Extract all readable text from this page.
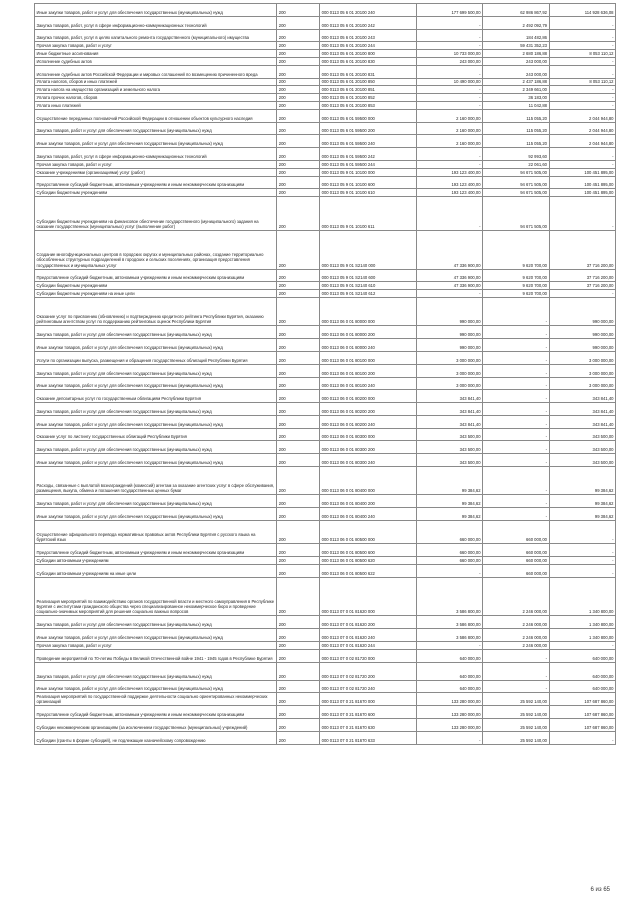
Иные закупки товаров, работ и услуг для обеспечения государственных (муниципальных) нужд	200	000 0113 05 6 01 20100 240	177 699 500,00	62 986 867,92	114 928 636,08
Закупка товаров, работ, услуг в сфере информационно-коммуникационных технологий	200	000 0113 05 6 01 20100 242	-	2 492 092,79	-
Закупка товаров, работ, услуг в целях капитального ремонта государственного (муниципального) имущества	200	000 0113 05 6 01 20100 243	-	184 482,86	-
Прочая закупка товаров, работ и услуг	200	000 0113 05 6 01 20100 244	-	59 431 352,23	-
Иные бюджетные ассигнования	200	000 0113 05 6 01 20100 800	10 733 000,00	2 680 186,88	8 053 110,12
Исполнение судебных актов	200	000 0113 05 6 01 20100 830	243 000,00	243 000,00	-
Исполнение судебных актов Российской Федерации и мировых соглашений по возмещению причиненного вреда	200	000 0113 05 6 01 20100 831	-	243 000,00	-
Уплата налогов, сборов и иных платежей	200	000 0113 05 6 01 20100 850	10 490 000,00	2 437 186,88	8 053 110,12
Уплата налога на имущество организаций и земельного налога	200	000 0113 05 6 01 20100 851	-	2 349 661,00	-
Уплата прочих налогов, сборов	200	000 0113 05 6 01 20100 852	-	36 183,00	-
Уплата иных платежей	200	000 0113 05 6 01 20100 853	-	11 042,88	-
Осуществление переданных полномочий Российской Федерации в отношении объектов культурного наследия	200	000 0113 05 6 01 59500 000	2 160 000,00	115 055,20	2 044 944,80
Закупка товаров, работ и услуг для обеспечения государственных (муниципальных) нужд	200	000 0113 05 6 01 59500 200	2 160 000,00	115 055,20	2 044 944,80
Иные закупки товаров, работ и услуг для обеспечения государственных (муниципальных) нужд	200	000 0113 05 6 01 59500 240	2 160 000,00	115 055,20	2 044 944,80
Закупка товаров, работ, услуг в сфере информационно-коммуникационных технологий	200	000 0113 05 6 01 59500 242	-	92 993,60	-
Прочая закупка товаров, работ и услуг	200	000 0113 05 6 01 59500 244	-	22 061,60	-
Оказание учреждениями (организациями) услуг (работ)	200	000 0113 05 9 01 10100 000	193 123 400,00	94 671 505,00	100 451 895,00
Предоставление субсидий бюджетным, автономным учреждениям и иным некоммерческим организациям	200	000 0113 05 9 01 10100 600	193 123 400,00	94 671 505,00	100 451 895,00
Субсидии бюджетным учреждениям	200	000 0113 05 9 01 10100 610	193 123 400,00	94 671 505,00	100 451 895,00
Субсидии бюджетным учреждениям на финансовое обеспечение государственного (муниципального) задания на оказание государственных (муниципальных) услуг (выполнение работ)	200	000 0113 05 9 01 10100 611	-	94 671 505,00	-
Создание многофункциональных центров в городских округах и муниципальных районах, создание территориально обособленных структурных подразделений в городских и сельских поселениях, организация предоставления государственных и муниципальных услуг	200	000 0113 05 9 01 S2140 000	47 336 900,00	9 620 700,00	37 716 200,00
Предоставление субсидий бюджетным, автономным учреждениям и иным некоммерческим организациям	200	000 0113 05 9 01 S2140 600	47 336 900,00	9 620 700,00	37 716 200,00
Субсидии бюджетным учреждениям	200	000 0113 05 9 01 S2140 610	47 336 900,00	9 620 700,00	37 716 200,00
Субсидии бюджетным учреждениям на иные цели	200	000 0113 05 9 01 S2140 612	-	9 620 700,00	-
Оказание услуг по присвоению (обновлению) и подтверждению кредитного рейтинга Республики Бурятия, оказанию рейтинговым агентством услуг по поддержанию рейтинговых оценок Республики Бурятия	200	000 0113 06 0 01 80000 000	990 000,00	-	990 000,00
Закупка товаров, работ и услуг для обеспечения государственных (муниципальных) нужд	200	000 0113 06 0 01 80000 200	990 000,00	-	990 000,00
Иные закупки товаров, работ и услуг для обеспечения государственных (муниципальных) нужд	200	000 0113 06 0 01 80000 240	990 000,00	-	990 000,00
Услуги по организации выпуска, размещения и обращения государственных облигаций Республики Бурятия	200	000 0113 06 0 01 80100 000	3 000 000,00	-	3 000 000,00
Закупка товаров, работ и услуг для обеспечения государственных (муниципальных) нужд	200	000 0113 06 0 01 80100 200	3 000 000,00	-	3 000 000,00
Иные закупки товаров, работ и услуг для обеспечения государственных (муниципальных) нужд	200	000 0113 06 0 01 80100 240	3 000 000,00	-	3 000 000,00
Оказание депозитарных услуг по государственным облигациям Республики Бурятия	200	000 0113 06 0 01 80200 000	343 841,40	-	343 841,40
Закупка товаров, работ и услуг для обеспечения государственных (муниципальных) нужд	200	000 0113 06 0 01 80200 200	343 841,40	-	343 841,40
Иные закупки товаров, работ и услуг для обеспечения государственных (муниципальных) нужд	200	000 0113 06 0 01 80200 240	343 841,40	-	343 841,40
Оказание услуг по листингу государственных облигаций Республики Бурятия	200	000 0113 06 0 01 80300 000	343 500,00	-	343 500,00
Закупка товаров, работ и услуг для обеспечения государственных (муниципальных) нужд	200	000 0113 06 0 01 80300 200	343 500,00	-	343 500,00
Иные закупки товаров, работ и услуг для обеспечения государственных (муниципальных) нужд	200	000 0113 06 0 01 80300 240	343 500,00	-	343 500,00
Расходы, связанные с выплатой вознаграждений (комиссий) агентам за оказание агентских услуг в сфере обслуживания, размещения, выкупа, обмена и погашения государственных ценных бумаг	200	000 0113 06 0 01 80400 000	99 384,62	-	99 384,62
Закупка товаров, работ и услуг для обеспечения государственных (муниципальных) нужд	200	000 0113 06 0 01 80400 200	99 384,62	-	99 384,62
Иные закупки товаров, работ и услуг для обеспечения государственных (муниципальных) нужд	200	000 0113 06 0 01 80400 240	99 384,62	-	99 384,62
Осуществление официального перевода нормативных правовых актов Республики Бурятия с русского языка на бурятский язык	200	000 0113 06 0 01 80500 000	660 000,00	660 000,00	-
Предоставление субсидий бюджетным, автономным учреждениям и иным некоммерческим организациям	200	000 0113 06 0 01 80500 600	660 000,00	660 000,00	-
Субсидии автономным учреждениям	200	000 0113 06 0 01 80500 620	660 000,00	660 000,00	-
Субсидии автономным учреждениям на иные цели	200	000 0113 06 0 01 80500 622	-	660 000,00	-
Реализация мероприятий по взаимодействию органов государственной власти и местного самоуправления в Республике Бурятия с институтами гражданского общества через специализированное некоммерческое бюро и проведение социально-значимых мероприятий для решения социально важных вопросов	200	000 0113 07 0 01 81620 000	3 586 800,00	2 246 000,00	1 340 800,00
Закупка товаров, работ и услуг для обеспечения государственных (муниципальных) нужд	200	000 0113 07 0 01 81620 200	3 586 800,00	2 246 000,00	1 340 800,00
Иные закупки товаров, работ и услуг для обеспечения государственных (муниципальных) нужд	200	000 0113 07 0 01 81620 240	3 586 800,00	2 246 000,00	1 340 800,00
Прочая закупка товаров, работ и услуг	200	000 0113 07 0 01 81620 244	-	2 246 000,00	-
Проведение мероприятий по 70-летию Победы в Великой Отечественной войне 1941 - 1945 годов в Республике Бурятия	200	000 0113 07 0 02 81720 000	640 000,00	-	640 000,00
Закупка товаров, работ и услуг для обеспечения государственных (муниципальных) нужд	200	000 0113 07 0 02 81720 200	640 000,00	-	640 000,00
Иные закупки товаров, работ и услуг для обеспечения государственных (муниципальных) нужд	200	000 0113 07 0 02 81720 240	640 000,00	-	640 000,00
Реализация мероприятий по государственной поддержке деятельности социально ориентированных некоммерческих организаций	200	000 0113 07 0 21 81670 000	133 280 000,00	25 592 140,00	107 687 860,00
Предоставление субсидий бюджетным, автономным учреждениям и иным некоммерческим организациям	200	000 0113 07 0 21 81670 600	133 280 000,00	25 592 140,00	107 687 860,00
Субсидии некоммерческим организациям (за исключением государственных (муниципальных) учреждений)	200	000 0113 07 0 21 81670 630	133 280 000,00	25 592 140,00	107 687 860,00
Субсидии (гранты в форме субсидий), не подлежащие казначейскому сопровождению	200	000 0113 07 0 21 81670 633	-	25 592 140,00	-
6 из 65
